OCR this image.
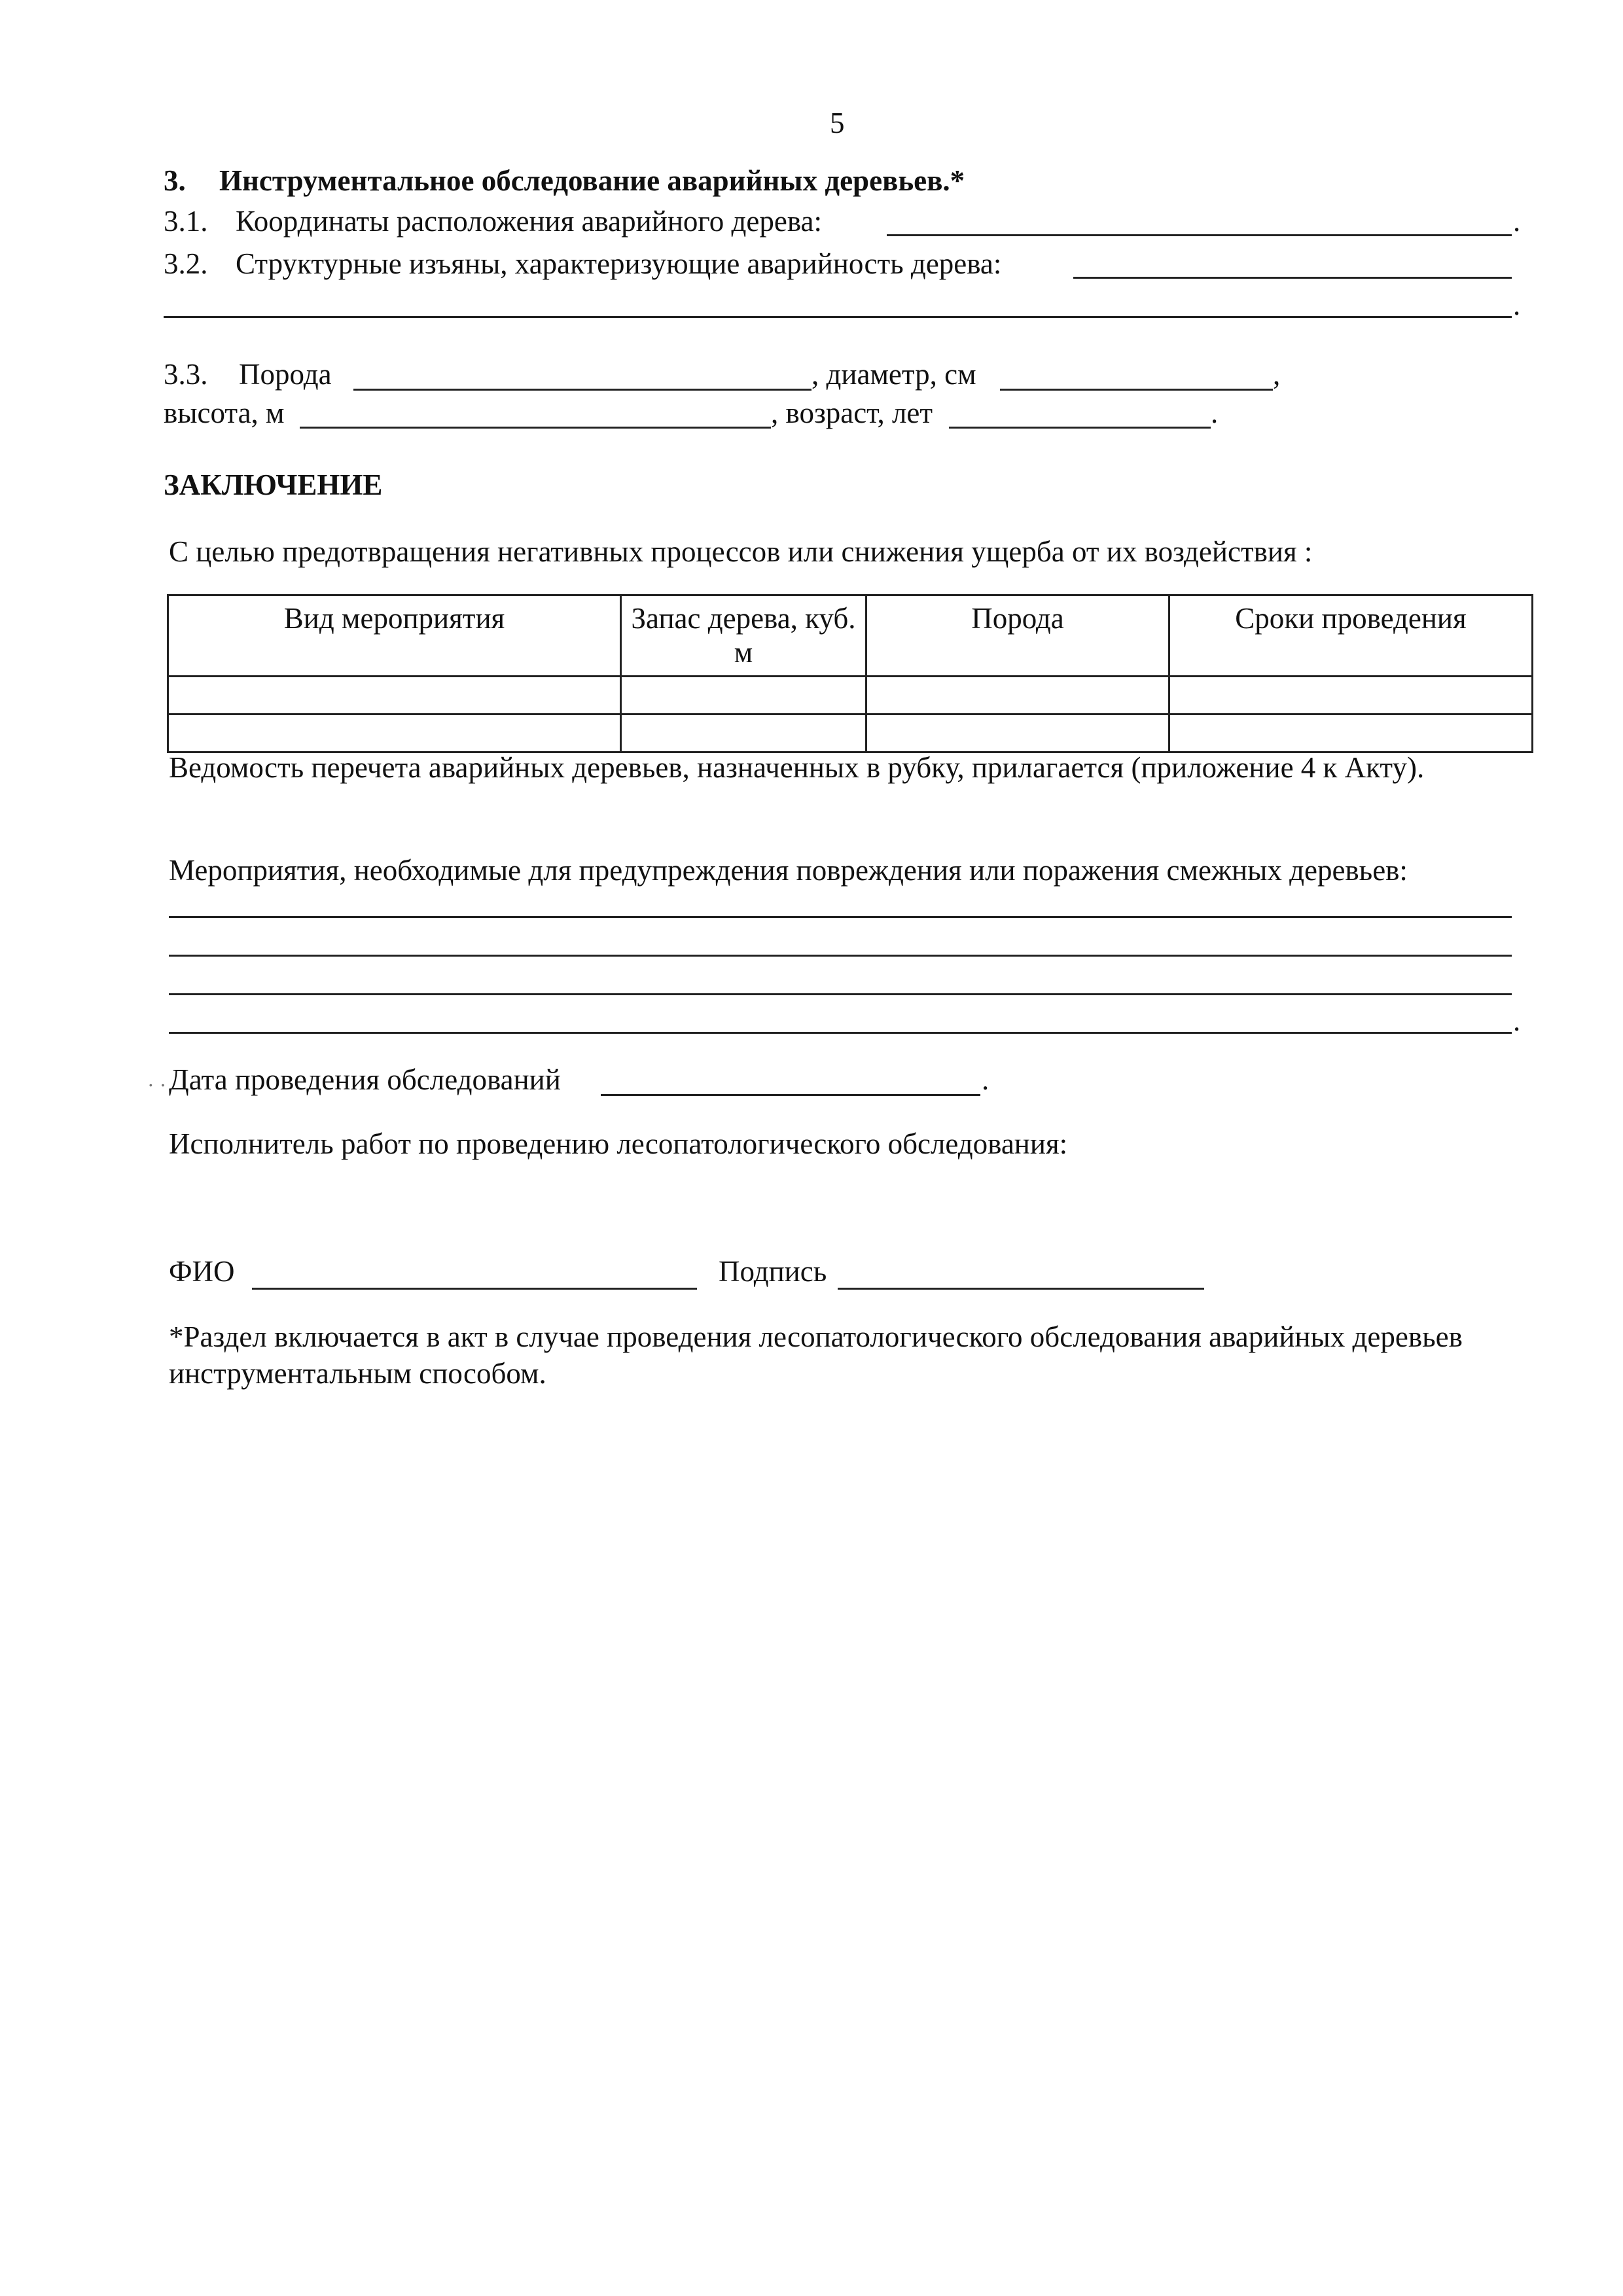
5
3. Инструментальное обследование аварийных деревьев.*
3.1. Координаты расположения аварийного дерева:	.
3.2. Структурные изъяны, характеризующие аварийность дерева:
.
3.3. Порода	, диаметр, см	,
высота, м	, возраст, лет	.
ЗАКЛЮЧЕНИЕ
С целью предотвращения негативных процессов или снижения ущерба от их воздействия :
Вид мероприятия	Запас дерева, куб. м	Порода	Сроки проведения

Ведомость перечета аварийных деревьев, назначенных в рубку, прилагается (приложение 4 к Акту).
Мероприятия, необходимые для предупреждения повреждения или поражения смежных деревьев:
.
· · Дата проведения обследований	.
Исполнитель работ по проведению лесопатологического обследования:
ФИО	Подпись
*Раздел включается в акт в случае проведения лесопатологического обследования аварийных деревьев инструментальным способом.
